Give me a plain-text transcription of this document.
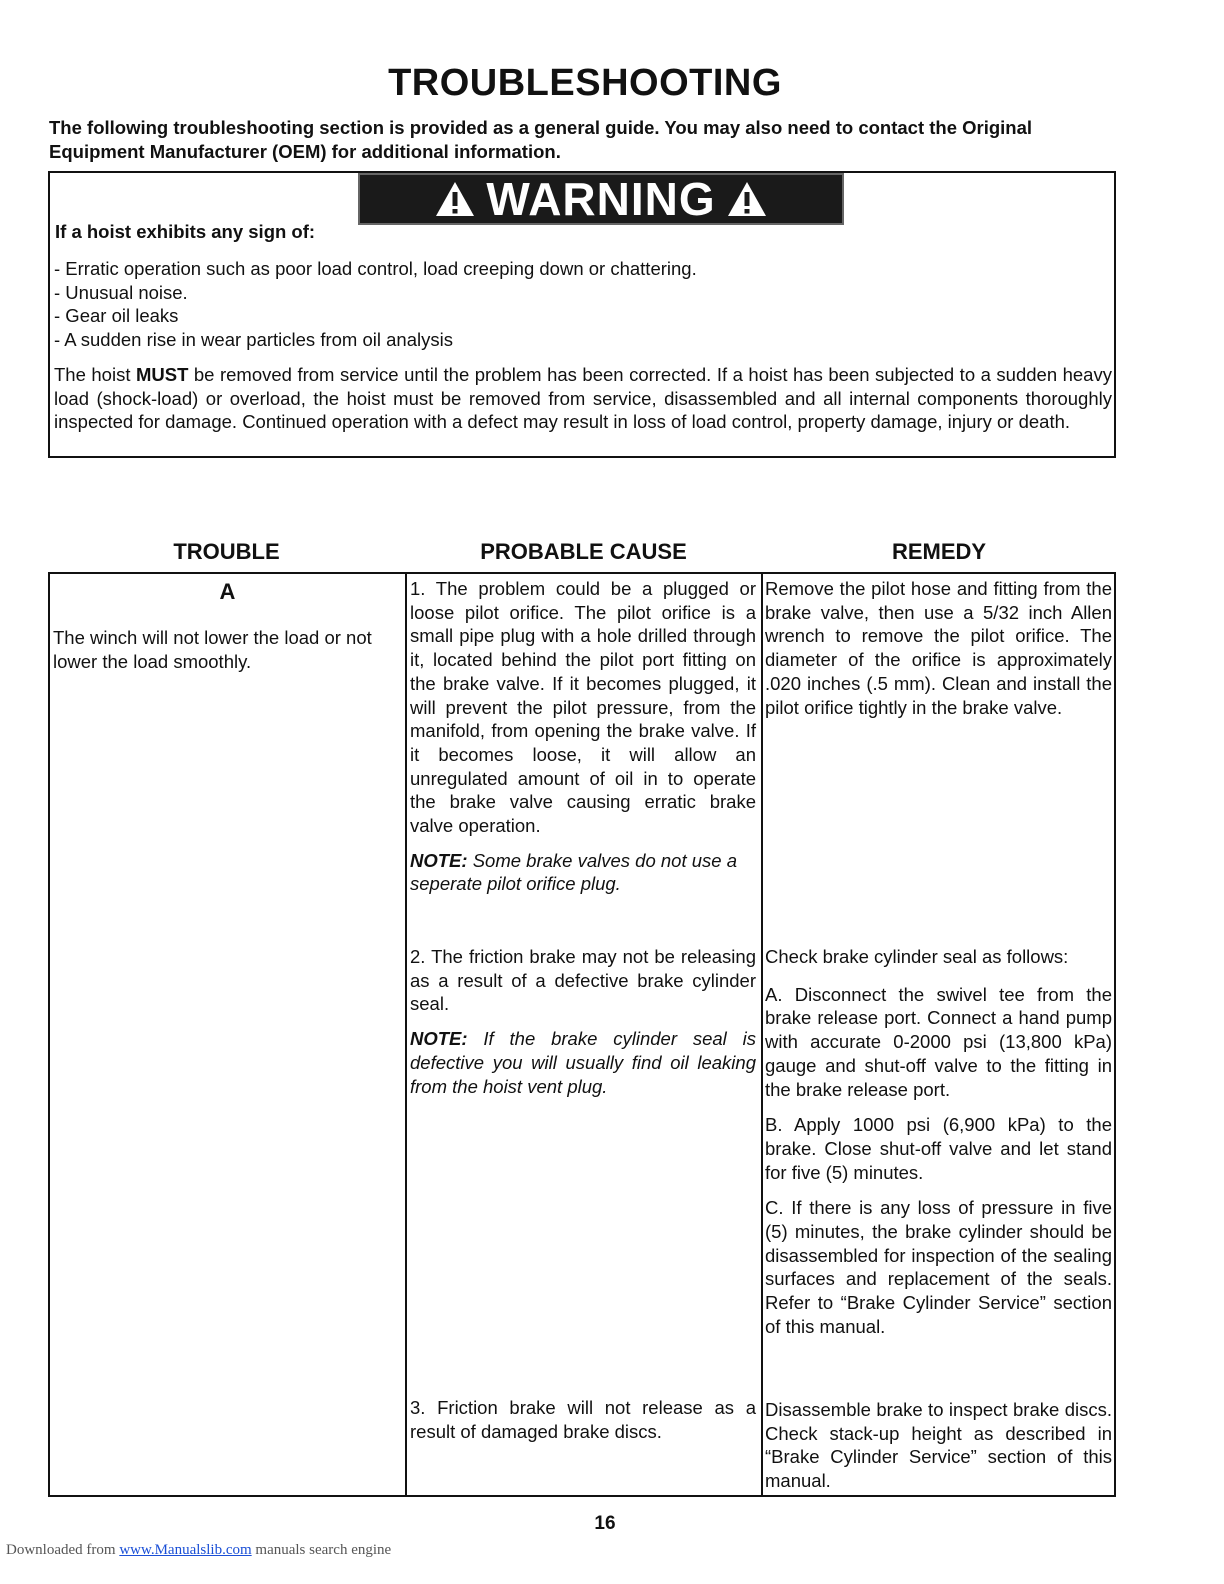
TROUBLESHOOTING
The following troubleshooting section is provided as a general guide. You may also need to contact the Original
Equipment Manufacturer (OEM) for additional information.
WARNING
If a hoist exhibits any sign of:
- Erratic operation such as poor load control, load creeping down or chattering.
- Unusual noise.
- Gear oil leaks
- A sudden rise in wear particles from oil analysis
The hoist MUST be removed from service until the problem has been corrected. If a hoist has been subjected to a sudden heavy load (shock-load) or overload, the hoist must be removed from service, disassembled and all internal components thoroughly inspected for damage. Continued operation with a defect may result in loss of load control, property damage, injury or death.
TROUBLE	PROBABLE CAUSE	REMEDY
A
The winch will not lower the load or not lower the load smoothly.
1. The problem could be a plugged or loose pilot orifice. The pilot orifice is a small pipe plug with a hole drilled through it, located behind the pilot port fitting on the brake valve. If it becomes plugged, it will prevent the pilot pressure, from the manifold, from opening the brake valve. If it becomes loose, it will allow an unregulated amount of oil in to operate the brake valve causing erratic brake valve operation.
NOTE: Some brake valves do not use a seperate pilot orifice plug.
2. The friction brake may not be releasing as a result of a defective brake cylinder seal.
NOTE: If the brake cylinder seal is defective you will usually find oil leaking from the hoist vent plug.
3. Friction brake will not release as a result of damaged brake discs.
Remove the pilot hose and fitting from the brake valve, then use a 5/32 inch Allen wrench to remove the pilot orifice. The diameter of the orifice is approximately .020 inches (.5 mm). Clean and install the pilot orifice tightly in the brake valve.
Check brake cylinder seal as follows:
A. Disconnect the swivel tee from the brake release port. Connect a hand pump with accurate 0-2000 psi (13,800 kPa) gauge and shut-off valve to the fitting in the brake release port.
B. Apply 1000 psi (6,900 kPa) to the brake. Close shut-off valve and let stand for five (5) minutes.
C. If there is any loss of pressure in five (5) minutes, the brake cylinder should be disassembled for inspection of the sealing surfaces and replacement of the seals. Refer to “Brake Cylinder Service” section of this manual.
Disassemble brake to inspect brake discs. Check stack-up height as described in “Brake Cylinder Service” section of this manual.
16
Downloaded from www.Manualslib.com manuals search engine
